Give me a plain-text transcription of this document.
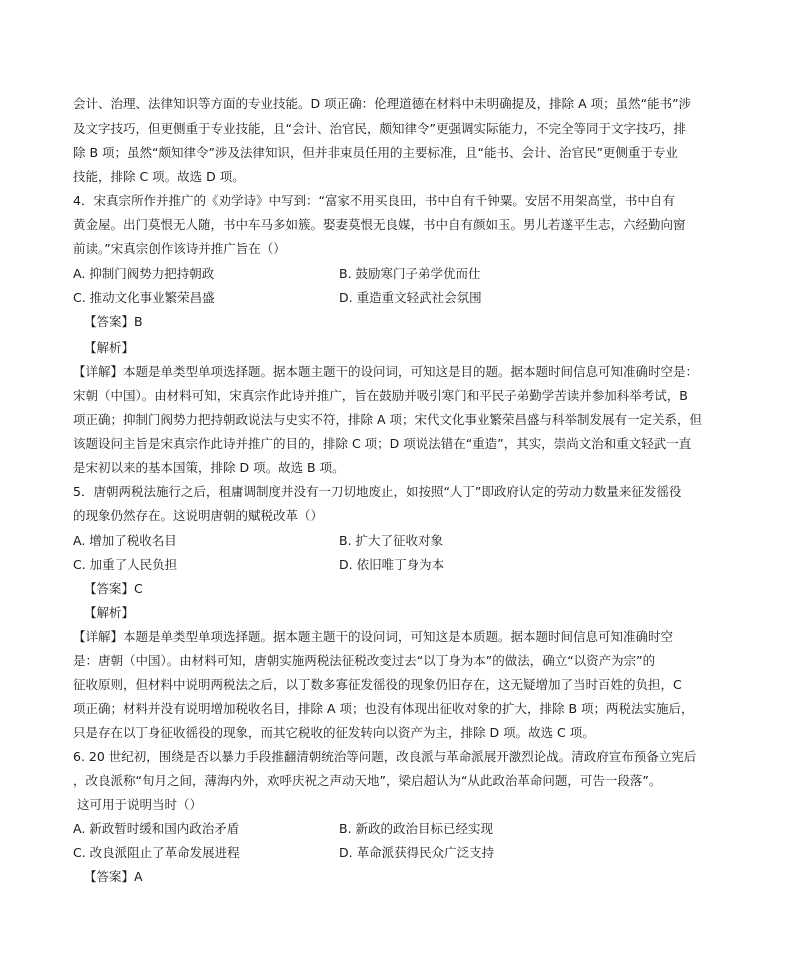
会计、治理、法律知识等方面的专业技能。D 项正确：伦理道德在材料中未明确提及，排除 A 项；虽然“能书”涉
及文字技巧，但更侧重于专业技能，且“会计、治官民，颇知律令”更强调实际能力，不完全等同于文字技巧，排
除 B 项；虽然“颇知律令”涉及法律知识，但并非束员任用的主要标准，且“能书、会计、治官民”更侧重于专业
技能，排除 C 项。故选 D 项。
4．宋真宗所作并推广的《劝学诗》中写到：“富家不用买良田，书中自有千钟粟。安居不用架高堂，书中自有
黄金屋。出门莫恨无人随，书中车马多如簇。娶妻莫恨无良媒，书中自有颜如玉。男儿若遂平生志，六经勤向窗
前读。”宋真宗创作该诗并推广旨在（）
A. 抑制门阀势力把持朝政	B. 鼓励寒门子弟学优而仕
C. 推动文化事业繁荣昌盛	D. 重造重文轻武社会氛围
【答案】B
【解析】
【详解】本题是单类型单项选择题。据本题主题干的设问词，可知这是目的题。据本题时间信息可知准确时空是：
宋朝（中国）。由材料可知，宋真宗作此诗并推广，旨在鼓励并吸引寒门和平民子弟勤学苦读并参加科举考试，B
项正确；抑制门阀势力把持朝政说法与史实不符，排除 A 项；宋代文化事业繁荣昌盛与科举制发展有一定关系，但
该题设问主旨是宋真宗作此诗并推广的目的，排除 C 项；D 项说法错在“重造”，其实，崇尚文治和重文轻武一直
是宋初以来的基本国策，排除 D 项。故选 B 项。
5．唐朝两税法施行之后，租庸调制度并没有一刀切地废止，如按照“人丁”即政府认定的劳动力数量来征发徭役
的现象仍然存在。这说明唐朝的赋税改革（）
A. 增加了税收名目	B. 扩大了征收对象
C. 加重了人民负担	D. 依旧唯丁身为本
【答案】C
【解析】
【详解】本题是单类型单项选择题。据本题主题干的设问词，可知这是本质题。据本题时间信息可知准确时空
是：唐朝（中国）。由材料可知，唐朝实施两税法征税改变过去“以丁身为本”的做法，确立“以资产为宗”的
征收原则，但材料中说明两税法之后，以丁数多寡征发徭役的现象仍旧存在，这无疑增加了当时百姓的负担，C
项正确；材料并没有说明增加税收名目，排除 A 项；也没有体现出征收对象的扩大，排除 B 项；两税法实施后，
只是存在以丁身征收徭役的现象，而其它税收的征发转向以资产为主，排除 D 项。故选 C 项。
6. 20 世纪初，围绕是否以暴力手段推翻清朝统治等问题，改良派与革命派展开激烈论战。清政府宣布预备立宪后
，改良派称“旬月之间，薄海内外，欢呼庆祝之声动天地”，梁启超认为“从此政治革命问题，可告一段落”。
这可用于说明当时（）
A. 新政暂时缓和国内政治矛盾	B. 新政的政治目标已经实现
C. 改良派阻止了革命发展进程	D. 革命派获得民众广泛支持
【答案】A
